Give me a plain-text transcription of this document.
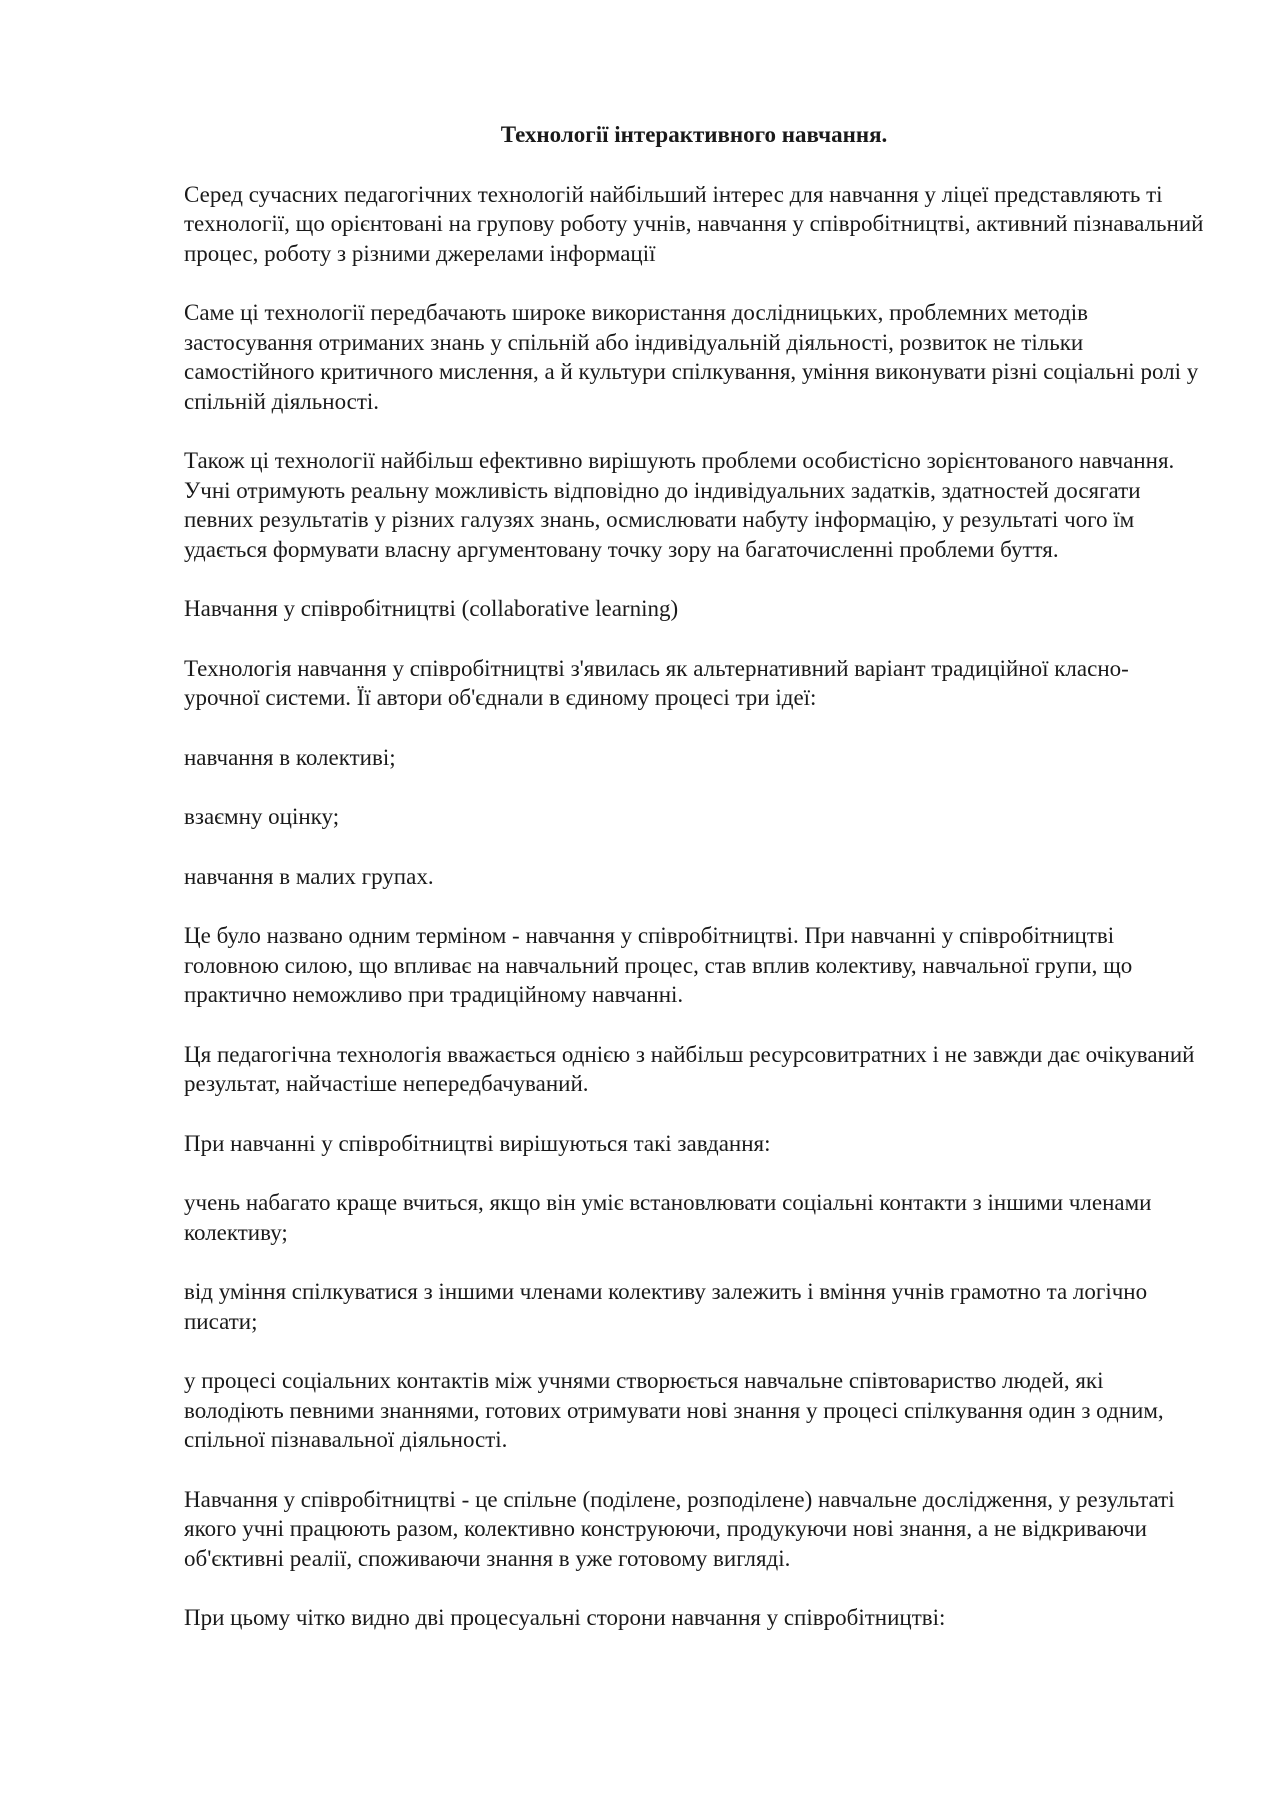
Технології інтерактивного навчання.
Серед сучасних педагогічних технологій найбільший інтерес для навчання у ліцеї представляють ті технології, що орієнтовані на групову роботу учнів, навчання у співробітництві, активний пізнавальний процес, роботу з різними джерелами інформації
Саме ці технології передбачають широке використання дослідницьких, проблемних методів застосування отриманих знань у спільній або індивідуальній діяльності, розвиток не тільки самостійного критичного мислення, а й культури спілкування, уміння виконувати різні соціальні ролі у спільній діяльності.
Також ці технології найбільш ефективно вирішують проблеми особистісно зорієнтованого навчання. Учні отримують реальну можливість відповідно до індивідуальних задатків, здатностей досягати певних результатів у різних галузях знань, осмислювати набуту інформацію, у результаті чого їм удається формувати власну аргументовану точку зору на багаточисленні проблеми буття.
Навчання у співробітництві (collaborative learning)
Технологія навчання у співробітництві з'явилась як альтернативний варіант традиційної класно-урочної системи. Її автори об'єднали в єдиному процесі три ідеї:
навчання в колективі;
взаємну оцінку;
навчання в малих групах.
Це було названо одним терміном - навчання у співробітництві. При навчанні у співробітництві головною силою, що впливає на навчальний процес, став вплив колективу, навчальної групи, що практично неможливо при традиційному навчанні.
Ця педагогічна технологія вважається однією з найбільш ресурсовитратних і не завжди дає очікуваний результат, найчастіше непередбачуваний.
При навчанні у співробітництві вирішуються такі завдання:
учень набагато краще вчиться, якщо він уміє встановлювати соціальні контакти з іншими членами колективу;
від уміння спілкуватися з іншими членами колективу залежить і вміння учнів грамотно та логічно писати;
у процесі соціальних контактів між учнями створюється навчальне співтовариство людей, які володіють певними знаннями, готових отримувати нові знання у процесі спілкування один з одним, спільної пізнавальної діяльності.
Навчання у співробітництві - це спільне (поділене, розподілене) навчальне дослідження, у результаті якого учні працюють разом, колективно конструюючи, продукуючи нові знання, а не відкриваючи об'єктивні реалії, споживаючи знання в уже готовому вигляді.
При цьому чітко видно дві процесуальні сторони навчання у співробітництві:
